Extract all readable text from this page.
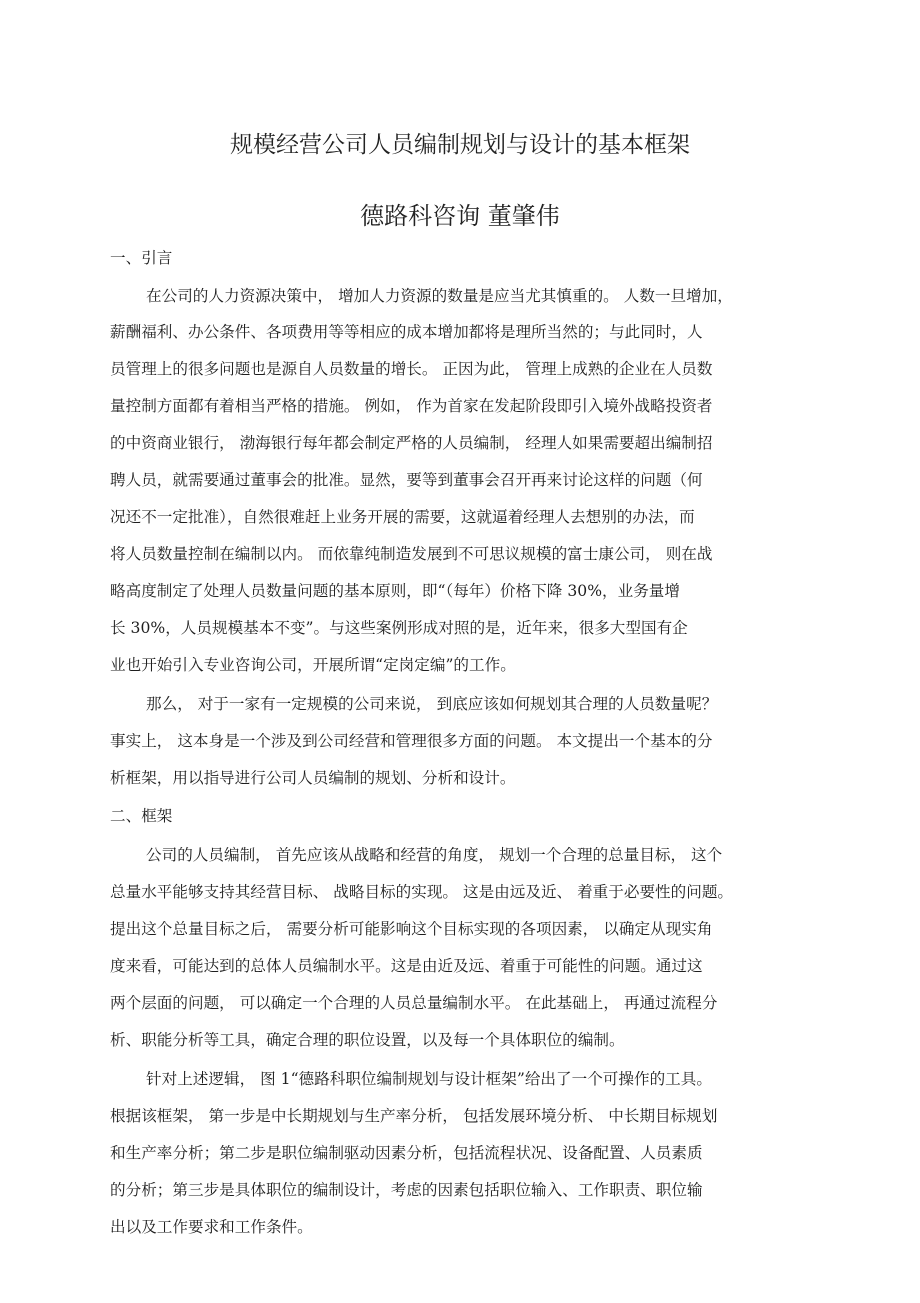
规模经营公司人员编制规划与设计的基本框架
德路科咨询 董肇伟
一、引言
在公司的人力资源决策中， 增加人力资源的数量是应当尤其慎重的。 人数一旦增加，
薪酬福利、办公条件、各项费用等等相应的成本增加都将是理所当然的；与此同时，人
员管理上的很多问题也是源自人员数量的增长。 正因为此， 管理上成熟的企业在人员数
量控制方面都有着相当严格的措施。 例如， 作为首家在发起阶段即引入境外战略投资者
的中资商业银行， 渤海银行每年都会制定严格的人员编制， 经理人如果需要超出编制招
聘人员，就需要通过董事会的批准。显然，要等到董事会召开再来讨论这样的问题（何
况还不一定批准），自然很难赶上业务开展的需要，这就逼着经理人去想别的办法，而
将人员数量控制在编制以内。 而依靠纯制造发展到不可思议规模的富士康公司， 则在战
略高度制定了处理人员数量问题的基本原则，即“（每年）价格下降 30%，业务量增
长 30%，人员规模基本不变”。与这些案例形成对照的是，近年来，很多大型国有企
业也开始引入专业咨询公司，开展所谓“定岗定编”的工作。
那么， 对于一家有一定规模的公司来说， 到底应该如何规划其合理的人员数量呢？
事实上， 这本身是一个涉及到公司经营和管理很多方面的问题。 本文提出一个基本的分
析框架，用以指导进行公司人员编制的规划、分析和设计。
二、框架
公司的人员编制， 首先应该从战略和经营的角度， 规划一个合理的总量目标， 这个
总量水平能够支持其经营目标、 战略目标的实现。 这是由远及近、 着重于必要性的问题。
提出这个总量目标之后， 需要分析可能影响这个目标实现的各项因素， 以确定从现实角
度来看，可能达到的总体人员编制水平。这是由近及远、着重于可能性的问题。通过这
两个层面的问题， 可以确定一个合理的人员总量编制水平。 在此基础上， 再通过流程分
析、职能分析等工具，确定合理的职位设置，以及每一个具体职位的编制。
针对上述逻辑， 图 1“德路科职位编制规划与设计框架”给出了一个可操作的工具。
根据该框架， 第一步是中长期规划与生产率分析， 包括发展环境分析、 中长期目标规划
和生产率分析；第二步是职位编制驱动因素分析，包括流程状况、设备配置、人员素质
的分析；第三步是具体职位的编制设计，考虑的因素包括职位输入、工作职责、职位输
出以及工作要求和工作条件。
